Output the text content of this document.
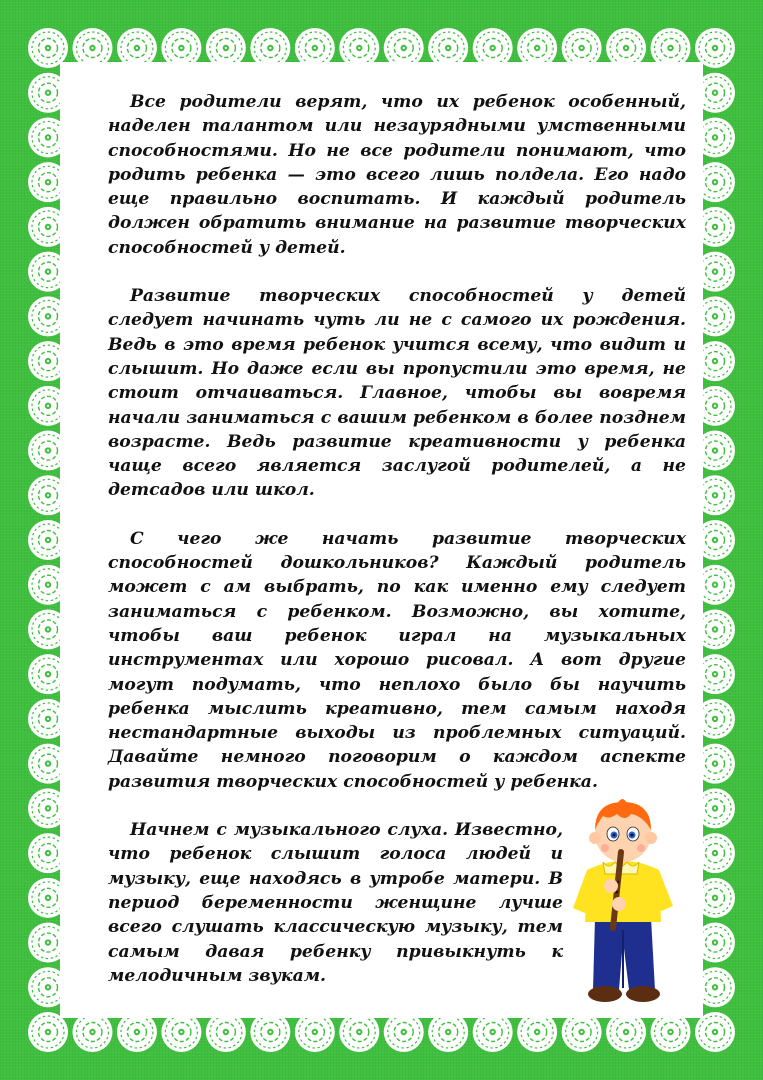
Все родители верят, что их ребенок особенный, наделен талантом или незаурядными умственными способностями. Но не все родители понимают, что родить ребенка — это всего лишь полдела. Его надо еще правильно воспитать. И каждый родитель должен обратить внимание на развитие творческих способностей у детей.

Развитие творческих способностей у детей следует начинать чуть ли не с самого их рождения. Ведь в это время ребенок учится всему, что видит и слышит. Но даже если вы пропустили это время, не стоит отчаиваться. Главное, чтобы вы вовремя начали заниматься с вашим ребенком в более позднем возрасте. Ведь развитие креативности у ребенка чаще всего является заслугой родителей, а не детсадов или школ.

С чего же начать развитие творческих способностей дошкольников? Каждый родитель может с ам выбрать, по как именно ему следует заниматься с ребенком. Возможно, вы хотите, чтобы ваш ребенок играл на музыкальных инструментах или хорошо рисовал. А вот другие могут подумать, что неплохо было бы научить ребенка мыслить креативно, тем самым находя нестандартные выходы из проблемных ситуаций. Давайте немного поговорим о каждом аспекте развития творческих способностей у ребенка.

Начнем с музыкального слуха. Известно, что ребенок слышит голоса людей и музыку, еще находясь в утробе матери. В период беременности женщине лучше всего слушать классическую музыку, тем самым давая ребенку привыкнуть к мелодичным звукам.
